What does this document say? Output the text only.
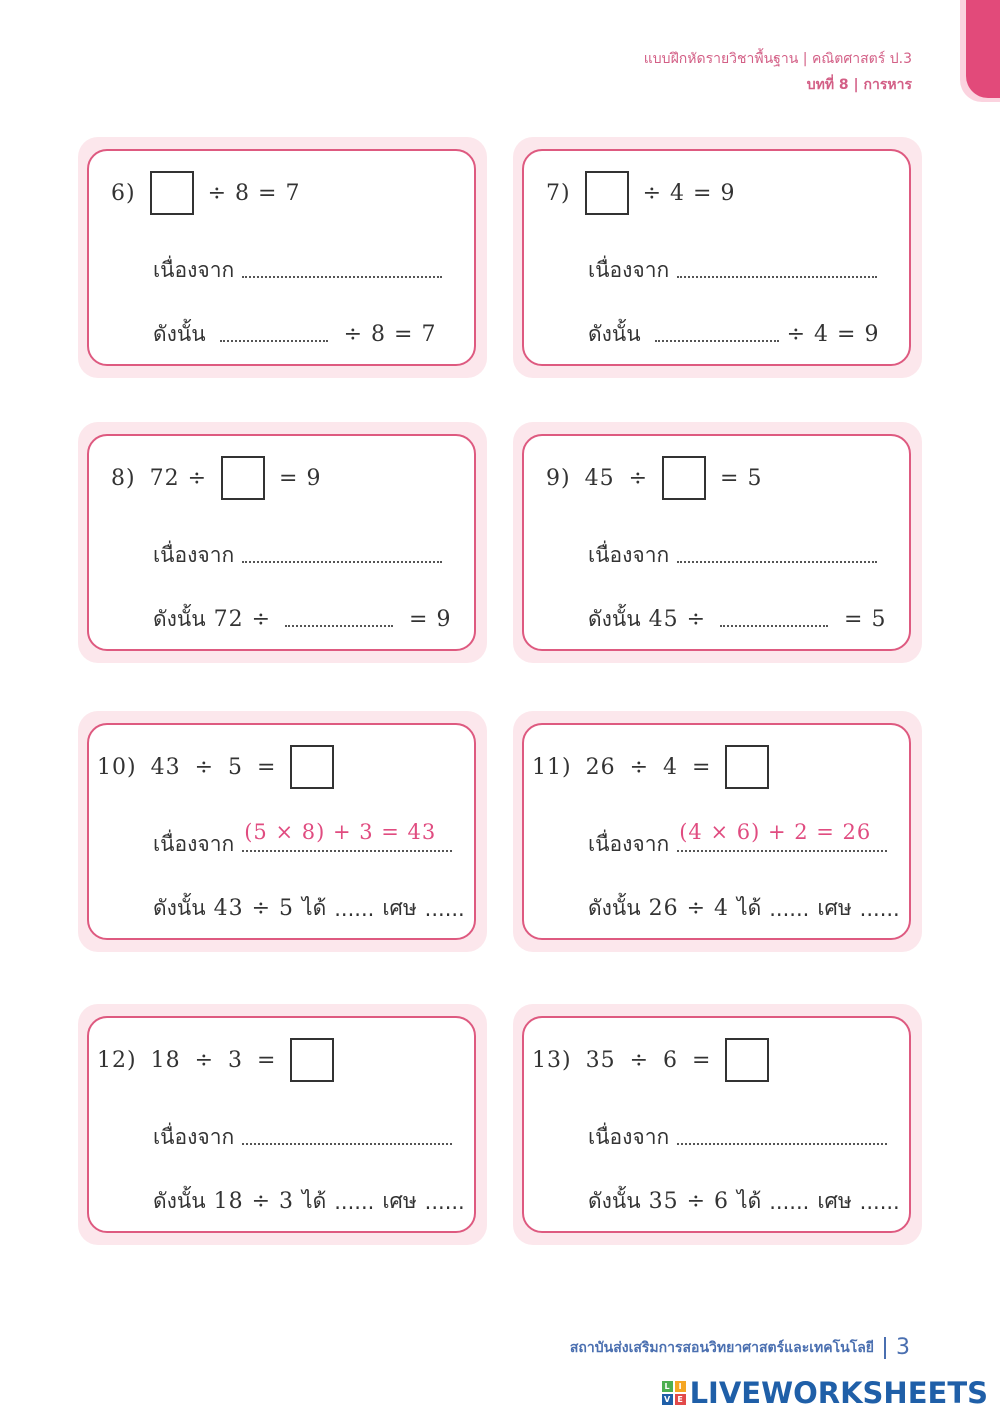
แบบฝึกหัดรายวิชาพื้นฐาน | คณิตศาสตร์ ป.3
บทที่ 8 | การหาร
6)	÷ 8 = 7
เนื่องจาก
ดังนั้น	÷ 8 = 7
7)	÷ 4 = 9
เนื่องจาก
ดังนั้น	÷ 4 = 9
8) 72 ÷	= 9
เนื่องจาก
ดังนั้น 72 ÷	= 9
9) 45 ÷	= 5
เนื่องจาก
ดังนั้น 45 ÷	= 5
10) 43 ÷ 5 =
เนื่องจาก
(5 × 8) + 3 = 43
ดังนั้น 43 ÷ 5 ได้ ...... เศษ ......
11) 26 ÷ 4 =
เนื่องจาก
(4 × 6) + 2 = 26
ดังนั้น 26 ÷ 4 ได้ ...... เศษ ......
12) 18 ÷ 3 =
เนื่องจาก
ดังนั้น 18 ÷ 3 ได้ ...... เศษ ......
13) 35 ÷ 6 =
เนื่องจาก
ดังนั้น 35 ÷ 6 ได้ ...... เศษ ......
สถาบันส่งเสริมการสอนวิทยาศาสตร์และเทคโนโลยี 3
L	I
V E LIVEWORKSHEETS
